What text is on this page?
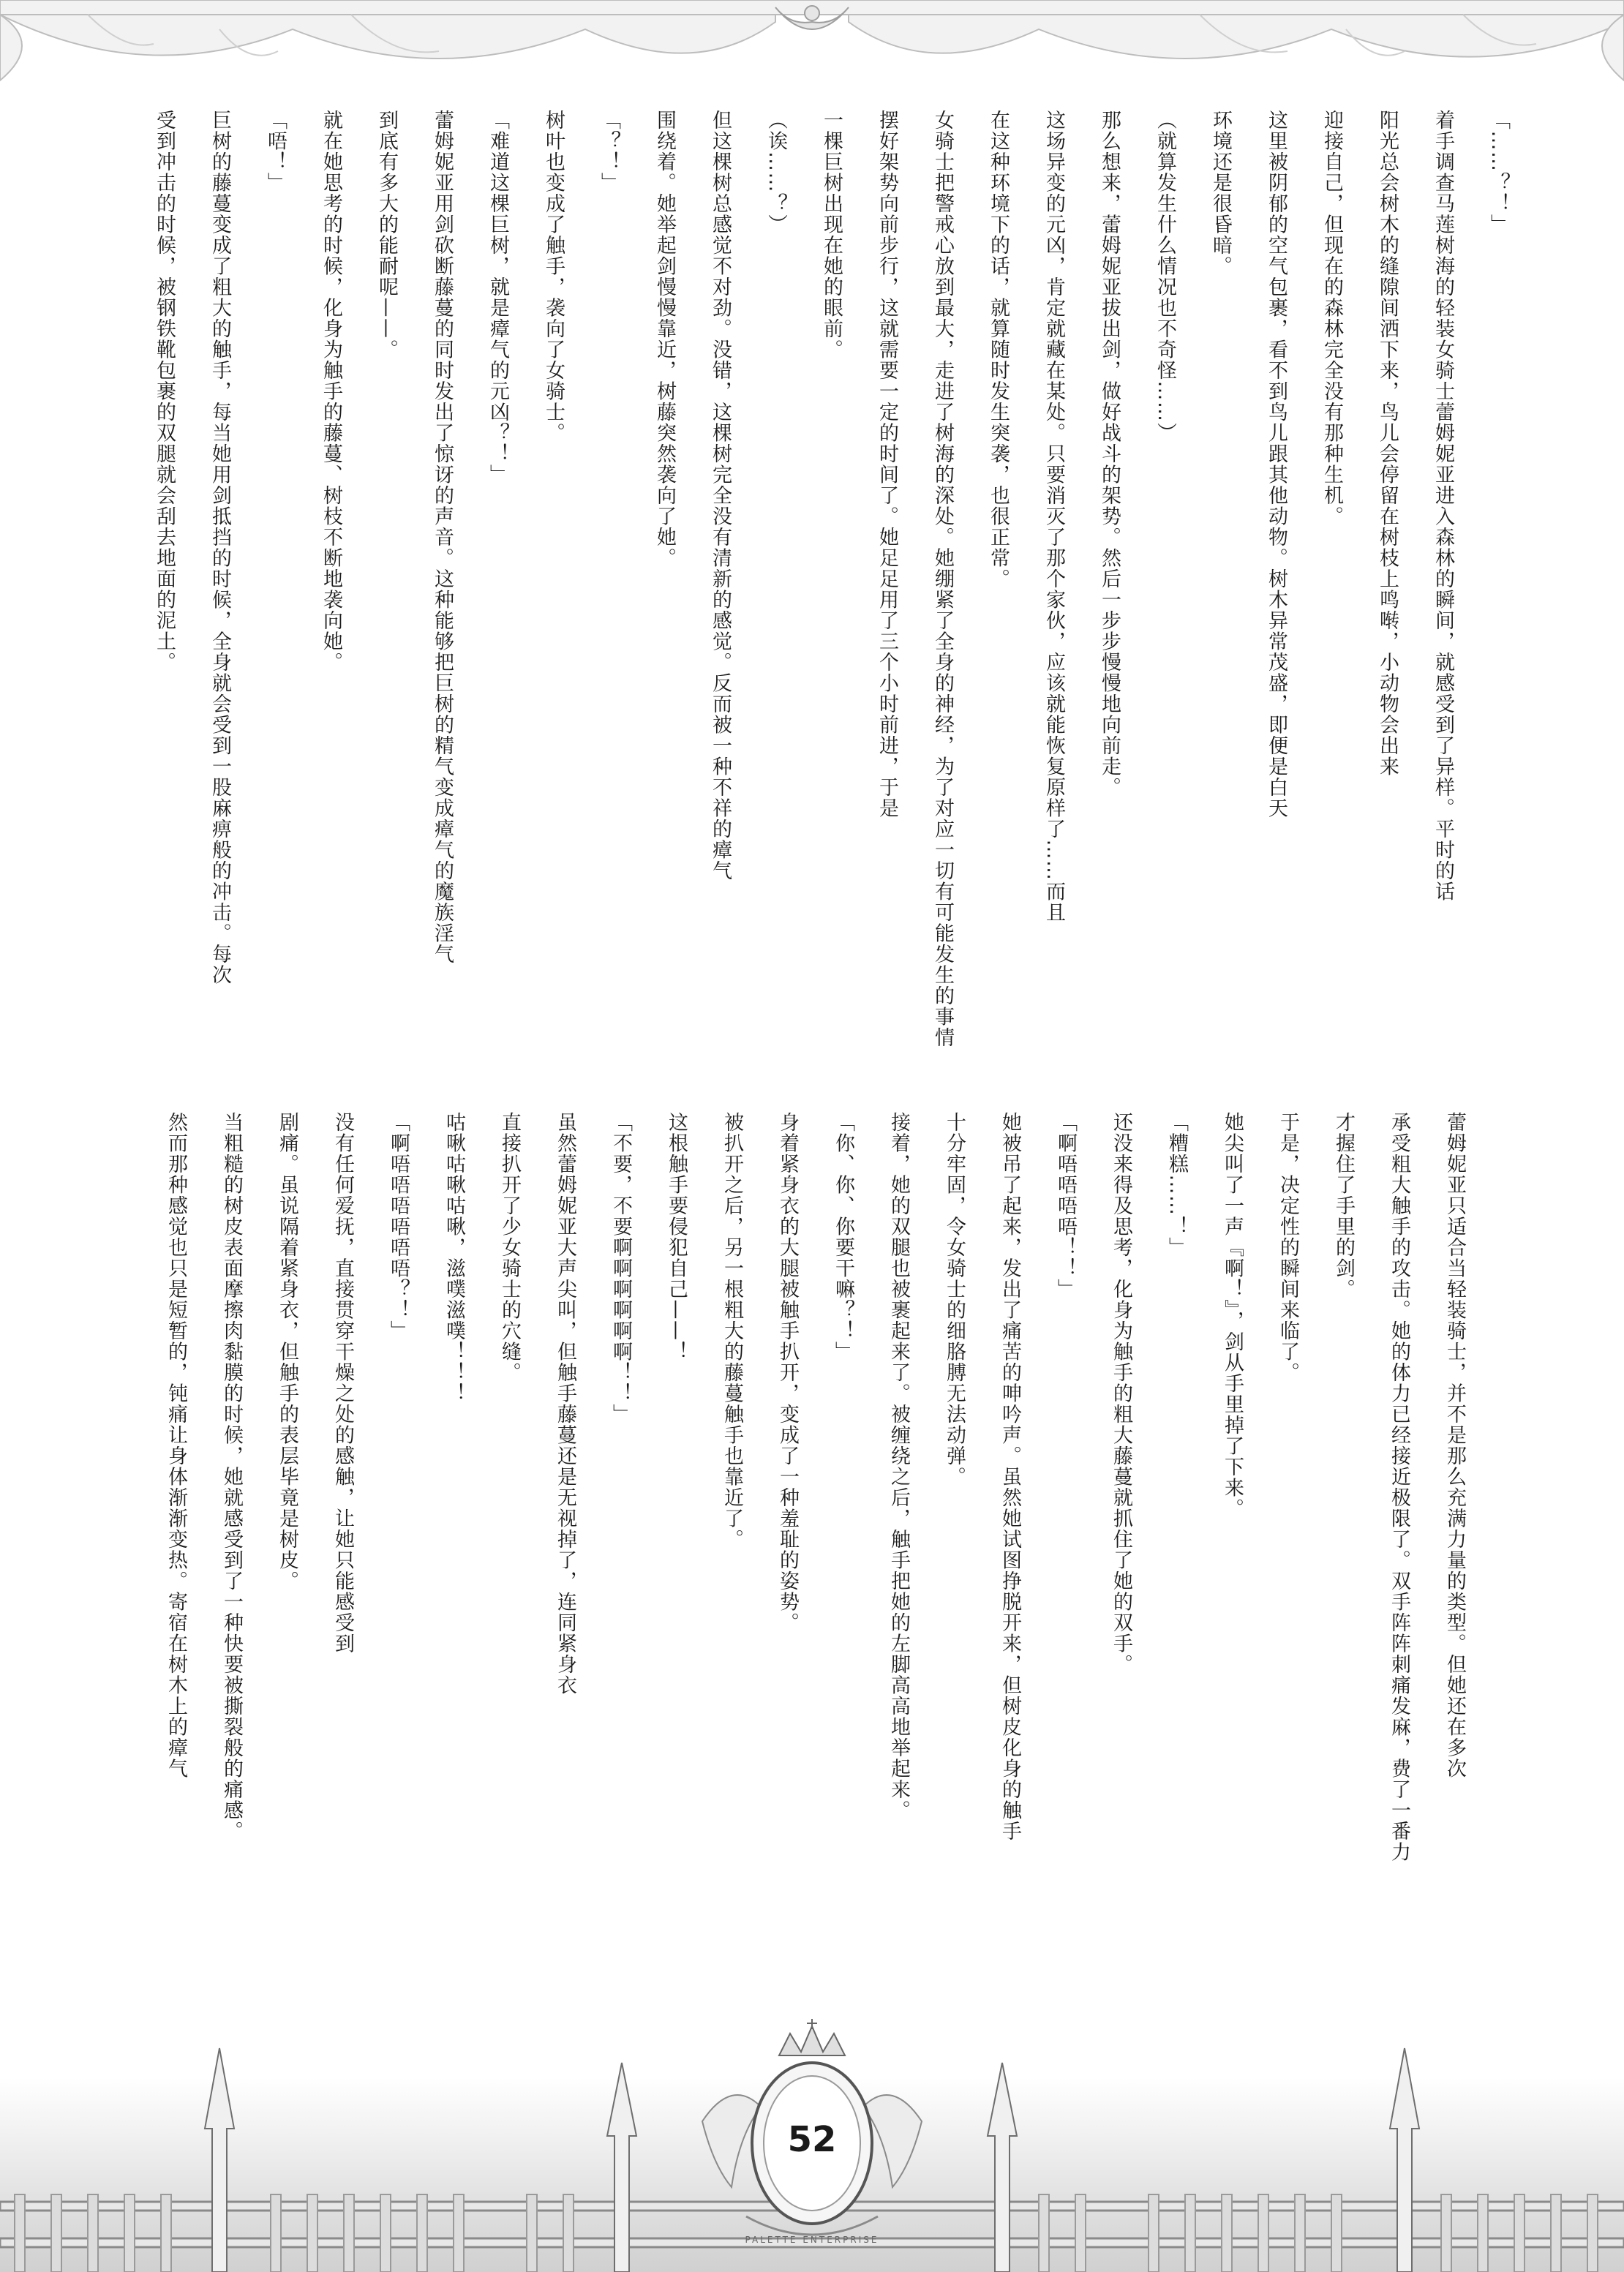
「……？！」
着手调查马莲树海的轻装女骑士蕾姆妮亚进入森林的瞬间，就感受到了异样。平时的话
阳光总会树木的缝隙间洒下来，鸟儿会停留在树枝上鸣啭，小动物会出来
迎接自己，但现在的森林完全没有那种生机。
这里被阴郁的空气包裹，看不到鸟儿跟其他动物。树木异常茂盛，即便是白天
环境还是很昏暗。
（就算发生什么情况也不奇怪……）
那么想来，蕾姆妮亚拔出剑，做好战斗的架势。然后一步步慢慢地向前走。
这场异变的元凶，肯定就藏在某处。只要消灭了那个家伙，应该就能恢复原样了……而且
在这种环境下的话，就算随时发生突袭，也很正常。
女骑士把警戒心放到最大，走进了树海的深处。她绷紧了全身的神经，为了对应一切有可能发生的事情
摆好架势向前步行，这就需要一定的时间了。她足足用了三个小时前进，于是
一棵巨树出现在她的眼前。
（诶……？）
但这棵树总感觉不对劲。没错，这棵树完全没有清新的感觉。反而被一种不祥的瘴气
围绕着。她举起剑慢慢靠近，树藤突然袭向了她。
「？！」
树叶也变成了触手，袭向了女骑士。
「难道这棵巨树，就是瘴气的元凶？！」
蕾姆妮亚用剑砍断藤蔓的同时发出了惊讶的声音。这种能够把巨树的精气变成瘴气的魔族淫气
到底有多大的能耐呢——。
就在她思考的时候，化身为触手的藤蔓、树枝不断地袭向她。
「唔！」
巨树的藤蔓变成了粗大的触手，每当她用剑抵挡的时候，全身就会受到一股麻痹般的冲击。每次
受到冲击的时候，被钢铁靴包裹的双腿就会刮去地面的泥土。
蕾姆妮亚只适合当轻装骑士，并不是那么充满力量的类型。但她还在多次
承受粗大触手的攻击。她的体力已经接近极限了。双手阵阵刺痛发麻，费了一番力
才握住了手里的剑。
于是，决定性的瞬间来临了。
她尖叫了一声『啊！』，剑从手里掉了下来。
「糟糕……！」
还没来得及思考，化身为触手的粗大藤蔓就抓住了她的双手。
「啊唔唔唔唔！！」
她被吊了起来，发出了痛苦的呻吟声。虽然她试图挣脱开来，但树皮化身的触手
十分牢固，令女骑士的细胳膊无法动弹。
接着，她的双腿也被裹起来了。被缠绕之后，触手把她的左脚高高地举起来。
「你、你、你要干嘛？！」
身着紧身衣的大腿被触手扒开，变成了一种羞耻的姿势。
被扒开之后，另一根粗大的藤蔓触手也靠近了。
这根触手要侵犯自己——！
「不要，不要啊啊啊啊啊啊！！」
虽然蕾姆妮亚大声尖叫，但触手藤蔓还是无视掉了，连同紧身衣
直接扒开了少女骑士的穴缝。
咕啾咕啾咕啾，滋噗滋噗！！！
「啊唔唔唔唔唔唔？！」
没有任何爱抚，直接贯穿干燥之处的感触，让她只能感受到
剧痛。虽说隔着紧身衣，但触手的表层毕竟是树皮。
当粗糙的树皮表面摩擦肉黏膜的时候，她就感受到了一种快要被撕裂般的痛感。
然而那种感觉也只是短暂的，钝痛让身体渐渐变热。寄宿在树木上的瘴气
52
PALETTE ENTERPRISE
